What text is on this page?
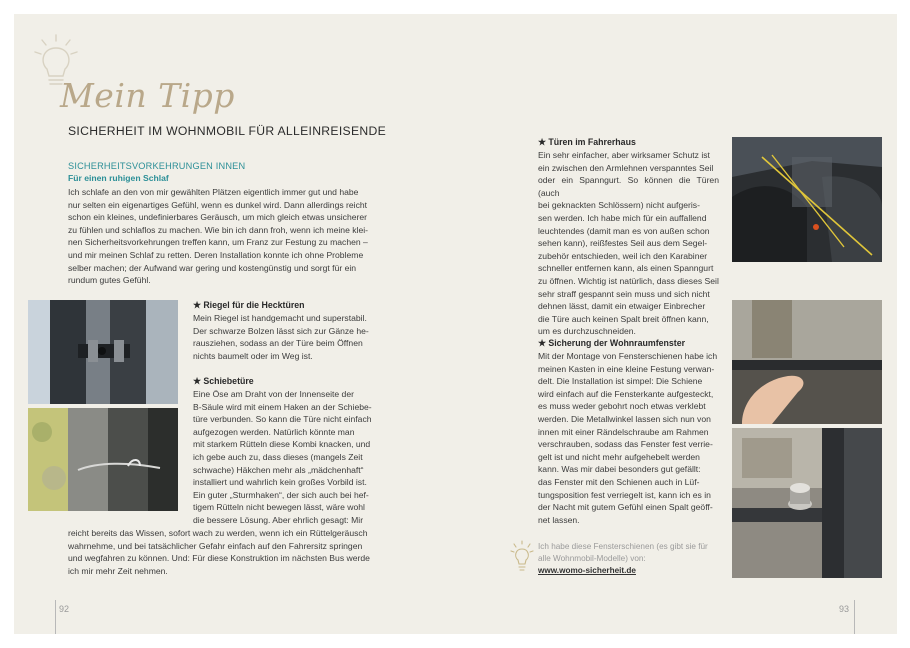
Mein Tipp
SICHERHEIT IM WOHNMOBIL FÜR ALLEINREISENDE
SICHERHEITSVORKEHRUNGEN INNEN
Für einen ruhigen Schlaf
Ich schlafe an den von mir gewählten Plätzen eigentlich immer gut und habe
nur selten ein eigenartiges Gefühl, wenn es dunkel wird. Dann allerdings reicht
schon ein kleines, undefinierbares Geräusch, um mich gleich etwas unsicherer
zu fühlen und schlaflos zu machen. Wie bin ich dann froh, wenn ich meine klei-
nen Sicherheitsvorkehrungen treffen kann, um Franz zur Festung zu machen –
und mir meinen Schlaf zu retten. Deren Installation konnte ich ohne Probleme
selber machen; der Aufwand war gering und kostengünstig und sorgt für ein
rundum gutes Gefühl.
★ Riegel für die Hecktüren
Mein Riegel ist handgemacht und superstabil.
Der schwarze Bolzen lässt sich zur Gänze he-
rausziehen, sodass an der Türe beim Öffnen
nichts baumelt oder im Weg ist.
★ Schiebetüre
Eine Öse am Draht von der Innenseite der
B-Säule wird mit einem Haken an der Schiebe-
türe verbunden. So kann die Türe nicht einfach
aufgezogen werden. Natürlich könnte man
mit starkem Rütteln diese Kombi knacken, und
ich gebe auch zu, dass dieses (mangels Zeit
schwache) Häkchen mehr als „mädchenhaft“
installiert und wahrlich kein großes Vorbild ist.
Ein guter „Sturmhaken“, der sich auch bei hef-
tigem Rütteln nicht bewegen lässt, wäre wohl
die bessere Lösung. Aber ehrlich gesagt: Mir
reicht bereits das Wissen, sofort wach zu werden, wenn ich ein Rüttelgeräusch
wahrnehme, und bei tatsächlicher Gefahr einfach auf den Fahrersitz springen
und wegfahren zu können. Und: Für diese Konstruktion im nächsten Bus werde
ich mir mehr Zeit nehmen.
92
★ Türen im Fahrerhaus
Ein sehr einfacher, aber wirksamer Schutz ist
ein zwischen den Armlehnen verspanntes Seil
oder ein Spanngurt. So können die Türen (auch
bei geknackten Schlössern) nicht aufgeris-
sen werden. Ich habe mich für ein auffallend
leuchtendes (damit man es von außen schon
sehen kann), reißfestes Seil aus dem Segel-
zubehör entschieden, weil ich den Karabiner
schneller entfernen kann, als einen Spanngurt
zu öffnen. Wichtig ist natürlich, dass dieses Seil
sehr straff gespannt sein muss und sich nicht
dehnen lässt, damit ein etwaiger Einbrecher
die Türe auch keinen Spalt breit öffnen kann,
um es durchzuschneiden.
★ Sicherung der Wohnraumfenster
Mit der Montage von Fensterschienen habe ich
meinen Kasten in eine kleine Festung verwan-
delt. Die Installation ist simpel: Die Schiene
wird einfach auf die Fensterkante aufgesteckt,
es muss weder gebohrt noch etwas verklebt
werden. Die Metallwinkel lassen sich nun von
innen mit einer Rändelschraube am Rahmen
verschrauben, sodass das Fenster fest verrie-
gelt ist und nicht mehr aufgehebelt werden
kann. Was mir dabei besonders gut gefällt:
das Fenster mit den Schienen auch in Lüf-
tungsposition fest verriegelt ist, kann ich es in
der Nacht mit gutem Gefühl einen Spalt geöff-
net lassen.
Ich habe diese Fensterschienen (es gibt sie für
alle Wohnmobil-Modelle) von:
www.womo-sicherheit.de
93
